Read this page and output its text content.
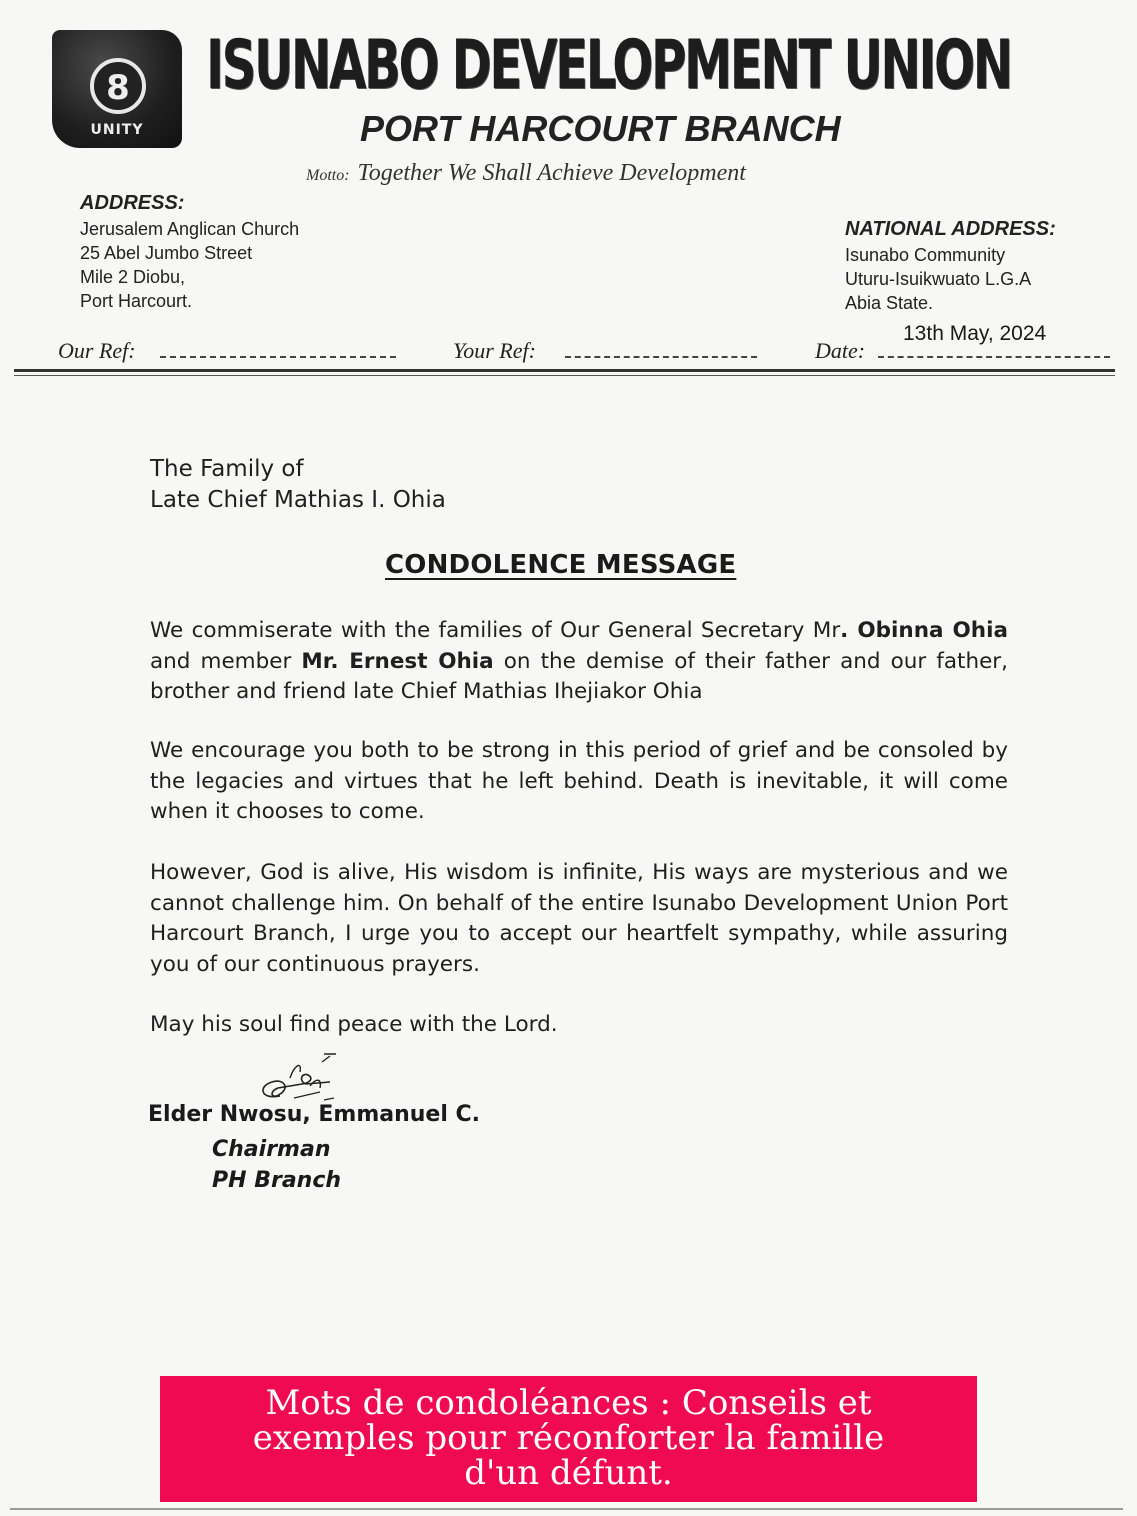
8
UNITY
ISUNABO DEVELOPMENT UNION
PORT HARCOURT BRANCH
Motto: Together We Shall Achieve Development
ADDRESS:
Jerusalem Anglican Church
25 Abel Jumbo Street
Mile 2 Diobu,
Port Harcourt.
NATIONAL ADDRESS:
Isunabo Community
Uturu-Isuikwuato L.G.A
Abia State.
Our Ref:	Your Ref:	Date:
13th May, 2024
The Family of
Late Chief Mathias I. Ohia
CONDOLENCE MESSAGE
We commiserate with the families of Our General Secretary Mr. Obinna Ohia and member Mr. Ernest Ohia on the demise of their father and our father, brother and friend late Chief Mathias Ihejiakor Ohia
We encourage you both to be strong in this period of grief and be consoled by the legacies and virtues that he left behind. Death is inevitable, it will come when it chooses to come.
However, God is alive, His wisdom is infinite, His ways are mysterious and we cannot challenge him. On behalf of the entire Isunabo Development Union Port Harcourt Branch, I urge you to accept our heartfelt sympathy, while assuring you of our continuous prayers.
May his soul find peace with the Lord.
Elder Nwosu, Emmanuel C.
Chairman
PH Branch
Mots de condoléances : Conseils et exemples pour réconforter la famille d'un défunt.
